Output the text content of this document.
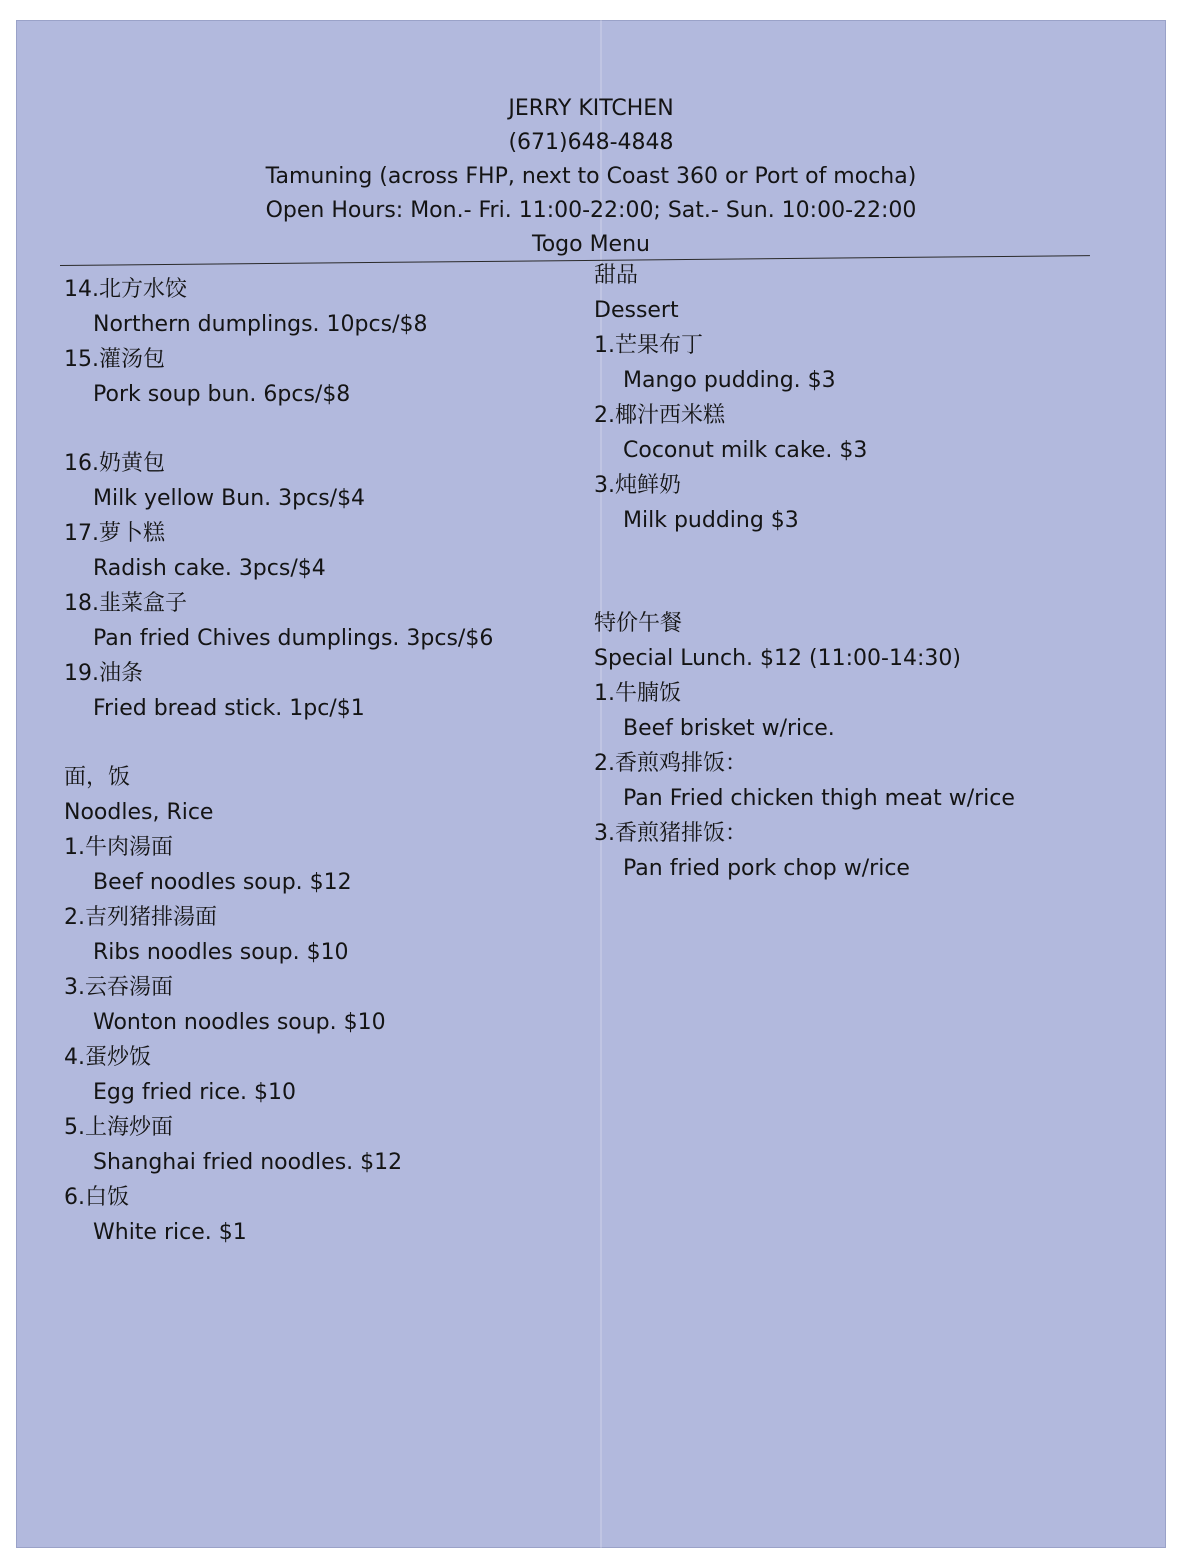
JERRY KITCHEN
(671)648-4848
Tamuning (across FHP, next to Coast 360 or Port of mocha)
Open Hours: Mon.- Fri. 11:00-22:00; Sat.- Sun. 10:00-22:00
Togo Menu
14.北方水饺
Northern dumplings. 10pcs/$8
15.灌汤包
Pork soup bun. 6pcs/$8
16.奶黄包
Milk yellow Bun. 3pcs/$4
17.萝卜糕
Radish cake. 3pcs/$4
18.韭菜盒子
Pan fried Chives dumplings. 3pcs/$6
19.油条
Fried bread stick. 1pc/$1
面，饭
Noodles, Rice
1.牛肉湯面
Beef noodles soup. $12
2.吉列猪排湯面
Ribs noodles soup. $10
3.云吞湯面
Wonton noodles soup. $10
4.蛋炒饭
Egg fried rice. $10
5.上海炒面
Shanghai fried noodles. $12
6.白饭
White rice. $1
甜品
Dessert
1.芒果布丁
Mango pudding. $3
2.椰汁西米糕
Coconut milk cake. $3
3.炖鲜奶
Milk pudding $3
特价午餐
Special Lunch. $12 (11:00-14:30)
1.牛腩饭
Beef brisket w/rice.
2.香煎鸡排饭：
Pan Fried chicken thigh meat w/rice
3.香煎猪排饭：
Pan fried pork chop w/rice
